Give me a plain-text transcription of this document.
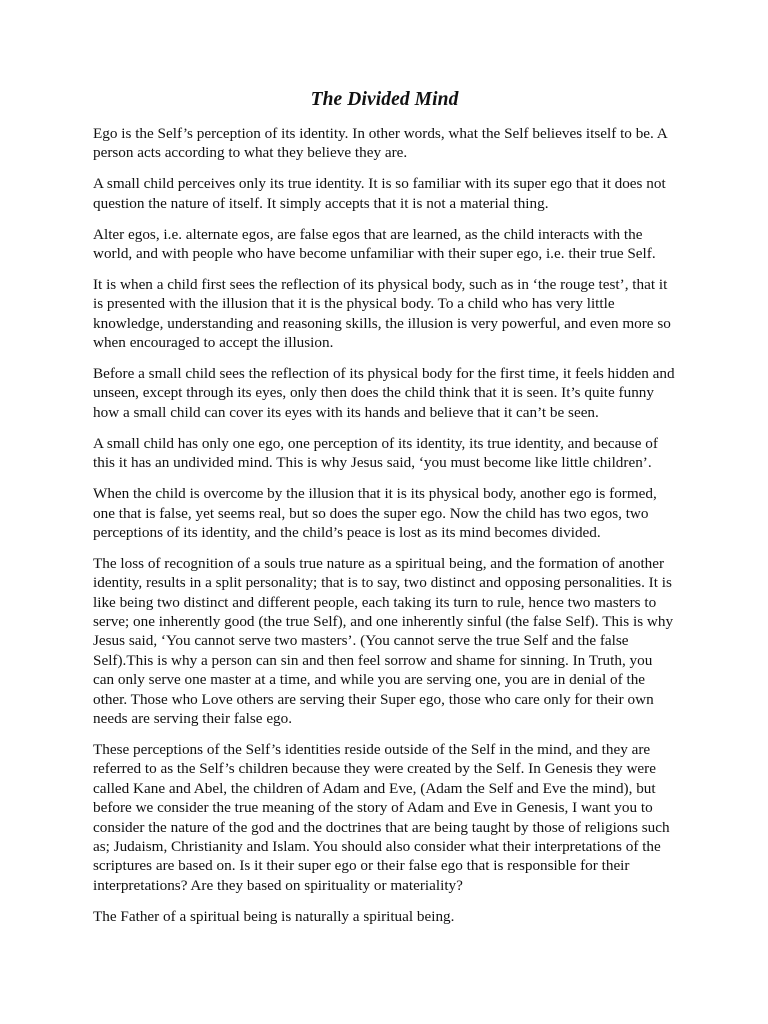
The Divided Mind

Ego is the Self’s perception of its identity. In other words, what the Self believes itself to be. A person acts according to what they believe they are.

A small child perceives only its true identity. It is so familiar with its super ego that it does not question the nature of itself. It simply accepts that it is not a material thing.

Alter egos, i.e. alternate egos, are false egos that are learned, as the child interacts with the world, and with people who have become unfamiliar with their super ego, i.e. their true Self.

It is when a child first sees the reflection of its physical body, such as in ‘the rouge test’, that it is presented with the illusion that it is the physical body. To a child who has very little knowledge, understanding and reasoning skills, the illusion is very powerful, and even more so when encouraged to accept the illusion.

Before a small child sees the reflection of its physical body for the first time, it feels hidden and unseen, except through its eyes, only then does the child think that it is seen. It’s quite funny how a small child can cover its eyes with its hands and believe that it can’t be seen.

A small child has only one ego, one perception of its identity, its true identity, and because of this it has an undivided mind. This is why Jesus said, ‘you must become like little children’.

When the child is overcome by the illusion that it is its physical body, another ego is formed, one that is false, yet seems real, but so does the super ego. Now the child has two egos, two perceptions of its identity, and the child’s peace is lost as its mind becomes divided.

The loss of recognition of a souls true nature as a spiritual being, and the formation of another identity, results in a split personality; that is to say, two distinct and opposing personalities. It is like being two distinct and different people, each taking its turn to rule, hence two masters to serve; one inherently good (the true Self), and one inherently sinful (the false Self). This is why Jesus said, ‘You cannot serve two masters’. (You cannot serve the true Self and the false Self).This is why a person can sin and then feel sorrow and shame for sinning. In Truth, you can only serve one master at a time, and while you are serving one, you are in denial of the other. Those who Love others are serving their Super ego, those who care only for their own needs are serving their false ego.

These perceptions of the Self’s identities reside outside of the Self in the mind, and they are referred to as the Self’s children because they were created by the Self. In Genesis they were called Kane and Abel, the children of Adam and Eve, (Adam the Self and Eve the mind), but before we consider the true meaning of the story of Adam and Eve in Genesis, I want you to consider the nature of the god and the doctrines that are being taught by those of religions such as; Judaism, Christianity and Islam. You should also consider what their interpretations of the scriptures are based on. Is it their super ego or their false ego that is responsible for their interpretations? Are they based on spirituality or materiality?

The Father of a spiritual being is naturally a spiritual being.
